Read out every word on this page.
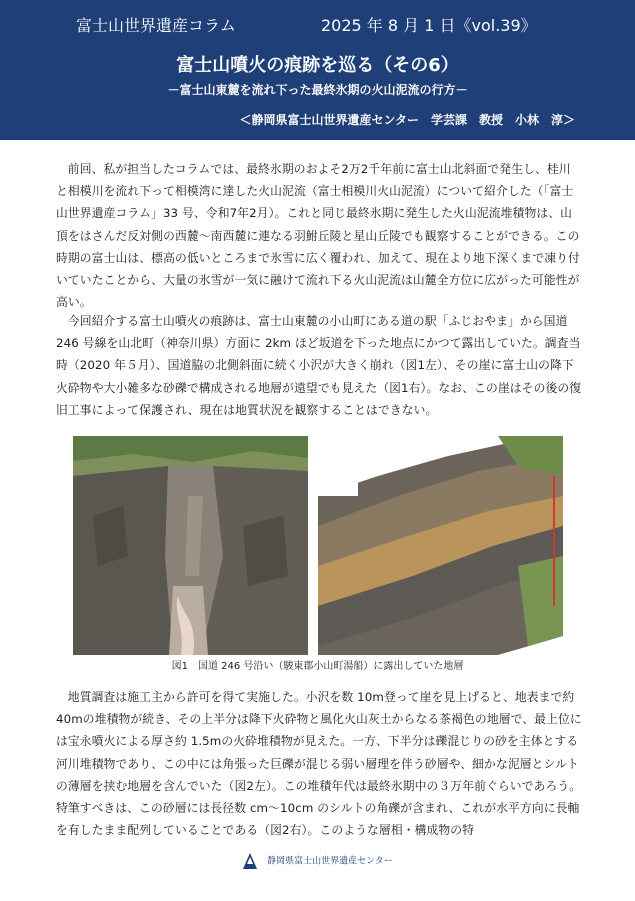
富士山世界遺産コラム	2025 年 8 月 1 日《vol.39》
富士山噴火の痕跡を巡る（その6）
－富士山東麓を流れ下った最終氷期の火山泥流の行方－
＜静岡県富士山世界遺産センター　学芸課　教授　小林　淳＞

前回、私が担当したコラムでは、最終氷期のおよそ2万2千年前に富士山北斜面で発生し、桂川と相模川を流れ下って相模湾に達した火山泥流（富士相模川火山泥流）について紹介した（「富士山世界遺産コラム」33 号、令和7年2月）。これと同じ最終氷期に発生した火山泥流堆積物は、山頂をはさんだ反対側の西麓～南西麓に連なる羽鮒丘陵と星山丘陵でも観察することができる。この時期の富士山は、標高の低いところまで氷雪に広く覆われ、加えて、現在より地下深くまで凍り付いていたことから、大量の氷雪が一気に融けて流れ下る火山泥流は山麓全方位に広がった可能性が高い。

今回紹介する富士山噴火の痕跡は、富士山東麓の小山町にある道の駅「ふじおやま」から国道 246 号線を山北町（神奈川県）方面に 2km ほど坂道を下った地点にかつて露出していた。調査当時（2020 年５月）、国道脇の北側斜面に続く小沢が大きく崩れ（図1左）、その崖に富士山の降下火砕物や大小雑多な砂礫で構成される地層が遠望でも見えた（図1右）。なお、この崖はその後の復旧工事によって保護され、現在は地質状況を観察することはできない。

図1　国道 246 号沿い（駿東郡小山町湯船）に露出していた地層

地質調査は施工主から許可を得て実施した。小沢を数 10m登って崖を見上げると、地表まで約 40mの堆積物が続き、その上半分は降下火砕物と風化火山灰土からなる茶褐色の地層で、最上位には宝永噴火による厚さ約 1.5mの火砕堆積物が見えた。一方、下半分は礫混じりの砂を主体とする河川堆積物であり、この中には角張った巨礫が混じる弱い層理を伴う砂層や、細かな泥層とシルトの薄層を挟む地層を含んでいた（図2左）。この堆積年代は最終氷期中の３万年前ぐらいであろう。特筆すべきは、この砂層には長径数 cm～10cm のシルトの角礫が含まれ、これが水平方向に長軸を有したまま配列していることである（図2右）。このような層相・構成物の特

静岡県富士山世界遺産センター
